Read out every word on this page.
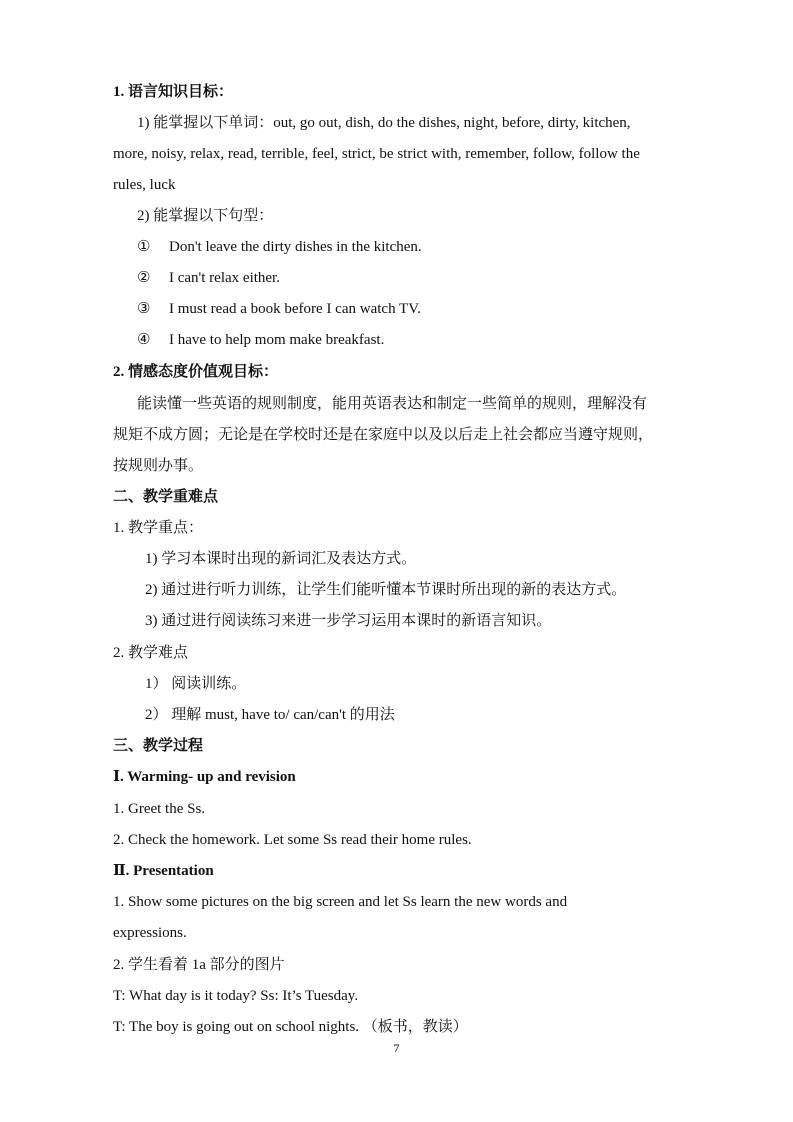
1. 语言知识目标：
1) 能掌握以下单词：out, go out, dish, do the dishes, night, before, dirty, kitchen,
more, noisy, relax, read, terrible, feel, strict, be strict with, remember, follow, follow the
rules, luck
2) 能掌握以下句型：
① Don't leave the dirty dishes in the kitchen.
② I can't relax either.
③ I must read a book before I can watch TV.
④ I have to help mom make breakfast.
2. 情感态度价值观目标：
能读懂一些英语的规则制度，能用英语表达和制定一些简单的规则，理解没有
规矩不成方圆；无论是在学校时还是在家庭中以及以后走上社会都应当遵守规则，
按规则办事。
二、教学重难点
1. 教学重点：
1) 学习本课时出现的新词汇及表达方式。
2) 通过进行听力训练，让学生们能听懂本节课时所出现的新的表达方式。
3) 通过进行阅读练习来进一步学习运用本课时的新语言知识。
2. 教学难点
1） 阅读训练。
2） 理解 must, have to/ can/can't 的用法
三、教学过程
Ⅰ. Warming- up and revision
1. Greet the Ss.
2. Check the homework. Let some Ss read their home rules.
Ⅱ. Presentation
1. Show some pictures on the big screen and let Ss learn the new words and
expressions.
2. 学生看着 1a 部分的图片
T: What day is it today? Ss: It’s Tuesday.
T: The boy is going out on school nights. （板书，教读）
7
